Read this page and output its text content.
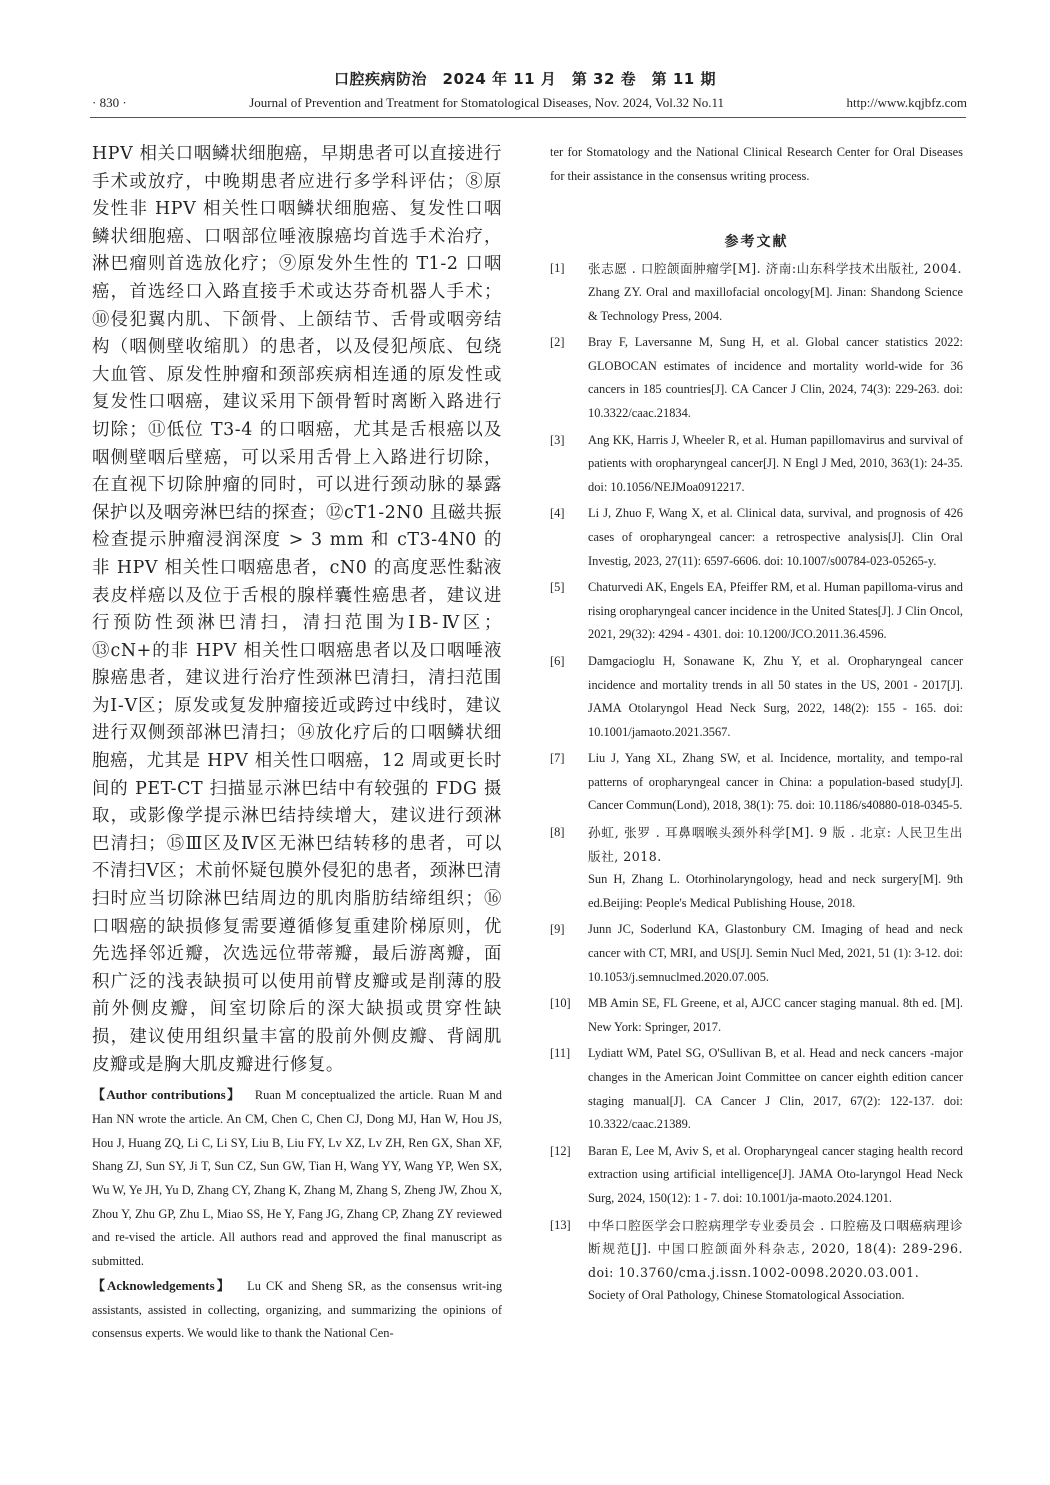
口腔疾病防治　2024 年 11 月　第 32 卷　第 11 期
· 830 ·	Journal of Prevention and Treatment for Stomatological Diseases, Nov. 2024, Vol.32 No.11	http://www.kqjbfz.com

HPV 相关口咽鳞状细胞癌，早期患者可以直接进行手术或放疗，中晚期患者应进行多学科评估；⑧原发性非 HPV 相关性口咽鳞状细胞癌、复发性口咽鳞状细胞癌、口咽部位唾液腺癌均首选手术治疗，淋巴瘤则首选放化疗；⑨原发外生性的 T1-2 口咽癌，首选经口入路直接手术或达芬奇机器人手术；⑩侵犯翼内肌、下颌骨、上颌结节、舌骨或咽旁结构（咽侧壁收缩肌）的患者，以及侵犯颅底、包绕大血管、原发性肿瘤和颈部疾病相连通的原发性或复发性口咽癌，建议采用下颌骨暂时离断入路进行切除；⑪低位 T3-4 的口咽癌，尤其是舌根癌以及咽侧壁咽后壁癌，可以采用舌骨上入路进行切除，在直视下切除肿瘤的同时，可以进行颈动脉的暴露保护以及咽旁淋巴结的探查；⑫cT1-2N0 且磁共振检查提示肿瘤浸润深度 > 3 mm 和 cT3-4N0 的非 HPV 相关性口咽癌患者，cN0 的高度恶性黏液表皮样癌以及位于舌根的腺样囊性癌患者，建议进行预防性颈淋巴清扫，清扫范围为ⅠB-Ⅳ区；⑬cN+的非 HPV 相关性口咽癌患者以及口咽唾液腺癌患者，建议进行治疗性颈淋巴清扫，清扫范围为Ⅰ-Ⅴ区；原发或复发肿瘤接近或跨过中线时，建议进行双侧颈部淋巴清扫；⑭放化疗后的口咽鳞状细胞癌，尤其是 HPV 相关性口咽癌，12 周或更长时间的 PET-CT 扫描显示淋巴结中有较强的 FDG 摄取，或影像学提示淋巴结持续增大，建议进行颈淋巴清扫；⑮Ⅲ区及Ⅳ区无淋巴结转移的患者，可以不清扫Ⅴ区；术前怀疑包膜外侵犯的患者，颈淋巴清扫时应当切除淋巴结周边的肌肉脂肪结缔组织；⑯口咽癌的缺损修复需要遵循修复重建阶梯原则，优先选择邻近瓣，次选远位带蒂瓣，最后游离瓣，面积广泛的浅表缺损可以使用前臂皮瓣或是削薄的股前外侧皮瓣，间室切除后的深大缺损或贯穿性缺损，建议使用组织量丰富的股前外侧皮瓣、背阔肌皮瓣或是胸大肌皮瓣进行修复。

【Author contributions】 Ruan M conceptualized the article. Ruan M and Han NN wrote the article. An CM, Chen C, Chen CJ, Dong MJ, Han W, Hou JS, Hou J, Huang ZQ, Li C, Li SY, Liu B, Liu FY, Lv XZ, Lv ZH, Ren GX, Shan XF, Shang ZJ, Sun SY, Ji T, Sun CZ, Sun GW, Tian H, Wang YY, Wang YP, Wen SX, Wu W, Ye JH, Yu D, Zhang CY, Zhang K, Zhang M, Zhang S, Zheng JW, Zhou X, Zhou Y, Zhu GP, Zhu L, Miao SS, He Y, Fang JG, Zhang CP, Zhang ZY reviewed and re-vised the article. All authors read and approved the final manuscript as submitted.

【Acknowledgements】 Lu CK and Sheng SR, as the consensus writ-ing assistants, assisted in collecting, organizing, and summarizing the opinions of consensus experts. We would like to thank the National Cen-

ter for Stomatology and the National Clinical Research Center for Oral Diseases for their assistance in the consensus writing process.

参考文献
[1]	张志愿 . 口腔颌面肿瘤学[M]. 济南:山东科学技术出版社, 2004.
Zhang ZY. Oral and maxillofacial oncology[M]. Jinan: Shandong Science & Technology Press, 2004.
[2]	Bray F, Laversanne M, Sung H, et al. Global cancer statistics 2022: GLOBOCAN estimates of incidence and mortality world-wide for 36 cancers in 185 countries[J]. CA Cancer J Clin, 2024, 74(3): 229-263. doi: 10.3322/caac.21834.
[3]	Ang KK, Harris J, Wheeler R, et al. Human papillomavirus and survival of patients with oropharyngeal cancer[J]. N Engl J Med, 2010, 363(1): 24-35. doi: 10.1056/NEJMoa0912217.
[4]	Li J, Zhuo F, Wang X, et al. Clinical data, survival, and prognosis of 426 cases of oropharyngeal cancer: a retrospective analysis[J]. Clin Oral Investig, 2023, 27(11): 6597-6606. doi: 10.1007/s00784-023-05265-y.
[5]	Chaturvedi AK, Engels EA, Pfeiffer RM, et al. Human papilloma-virus and rising oropharyngeal cancer incidence in the United States[J]. J Clin Oncol, 2021, 29(32): 4294 - 4301. doi: 10.1200/JCO.2011.36.4596.
[6]	Damgacioglu H, Sonawane K, Zhu Y, et al. Oropharyngeal cancer incidence and mortality trends in all 50 states in the US, 2001 - 2017[J]. JAMA Otolaryngol Head Neck Surg, 2022, 148(2): 155 - 165. doi: 10.1001/jamaoto.2021.3567.
[7]	Liu J, Yang XL, Zhang SW, et al. Incidence, mortality, and tempo-ral patterns of oropharyngeal cancer in China: a population-based study[J]. Cancer Commun(Lond), 2018, 38(1): 75. doi: 10.1186/s40880-018-0345-5.
[8]	孙虹, 张罗 . 耳鼻咽喉头颈外科学[M]. 9 版 . 北京: 人民卫生出版社, 2018.
Sun H, Zhang L. Otorhinolaryngology, head and neck surgery[M]. 9th ed.Beijing: People's Medical Publishing House, 2018.
[9]	Junn JC, Soderlund KA, Glastonbury CM. Imaging of head and neck cancer with CT, MRI, and US[J]. Semin Nucl Med, 2021, 51 (1): 3-12. doi: 10.1053/j.semnuclmed.2020.07.005.
[10]	MB Amin SE, FL Greene, et al, AJCC cancer staging manual. 8th ed. [M]. New York: Springer, 2017.
[11]	Lydiatt WM, Patel SG, O'Sullivan B, et al. Head and neck cancers -major changes in the American Joint Committee on cancer eighth edition cancer staging manual[J]. CA Cancer J Clin, 2017, 67(2): 122-137. doi: 10.3322/caac.21389.
[12]	Baran E, Lee M, Aviv S, et al. Oropharyngeal cancer staging health record extraction using artificial intelligence[J]. JAMA Oto-laryngol Head Neck Surg, 2024, 150(12): 1 - 7. doi: 10.1001/ja-maoto.2024.1201.
[13]	中华口腔医学会口腔病理学专业委员会 . 口腔癌及口咽癌病理诊断规范[J]. 中国口腔颌面外科杂志, 2020, 18(4): 289-296. doi: 10.3760/cma.j.issn.1002-0098.2020.03.001.
Society of Oral Pathology, Chinese Stomatological Association.
